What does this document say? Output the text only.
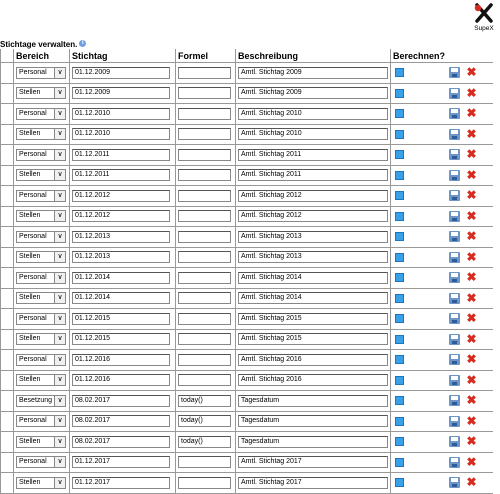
SupeX
Stichtage verwalten. i
	Bereich	Stichtag	Formel	Beschreibung	Berechnen?	
	Personal ∨	01.12.2009		Amtl. Stichtag 2009		✖
	Stellen ∨	01.12.2009		Amtl. Stichtag 2009		✖
	Personal ∨	01.12.2010		Amtl. Stichtag 2010		✖
	Stellen ∨	01.12.2010		Amtl. Stichtag 2010		✖
	Personal ∨	01.12.2011		Amtl. Stichtag 2011		✖
	Stellen ∨	01.12.2011		Amtl. Stichtag 2011		✖
	Personal ∨	01.12.2012		Amtl. Stichtag 2012		✖
	Stellen ∨	01.12.2012		Amtl. Stichtag 2012		✖
	Personal ∨	01.12.2013		Amtl. Stichtag 2013		✖
	Stellen ∨	01.12.2013		Amtl. Stichtag 2013		✖
	Personal ∨	01.12.2014		Amtl. Stichtag 2014		✖
	Stellen ∨	01.12.2014		Amtl. Stichtag 2014		✖
	Personal ∨	01.12.2015		Amtl. Stichtag 2015		✖
	Stellen ∨	01.12.2015		Amtl. Stichtag 2015		✖
	Personal ∨	01.12.2016		Amtl. Stichtag 2016		✖
	Stellen ∨	01.12.2016		Amtl. Stichtag 2016		✖
	Besetzung ∨	08.02.2017	today()	Tagesdatum		✖
	Personal ∨	08.02.2017	today()	Tagesdatum		✖
	Stellen ∨	08.02.2017	today()	Tagesdatum		✖
	Personal ∨	01.12.2017		Amtl. Stichtag 2017		✖
	Stellen ∨	01.12.2017		Amtl. Stichtag 2017		✖
